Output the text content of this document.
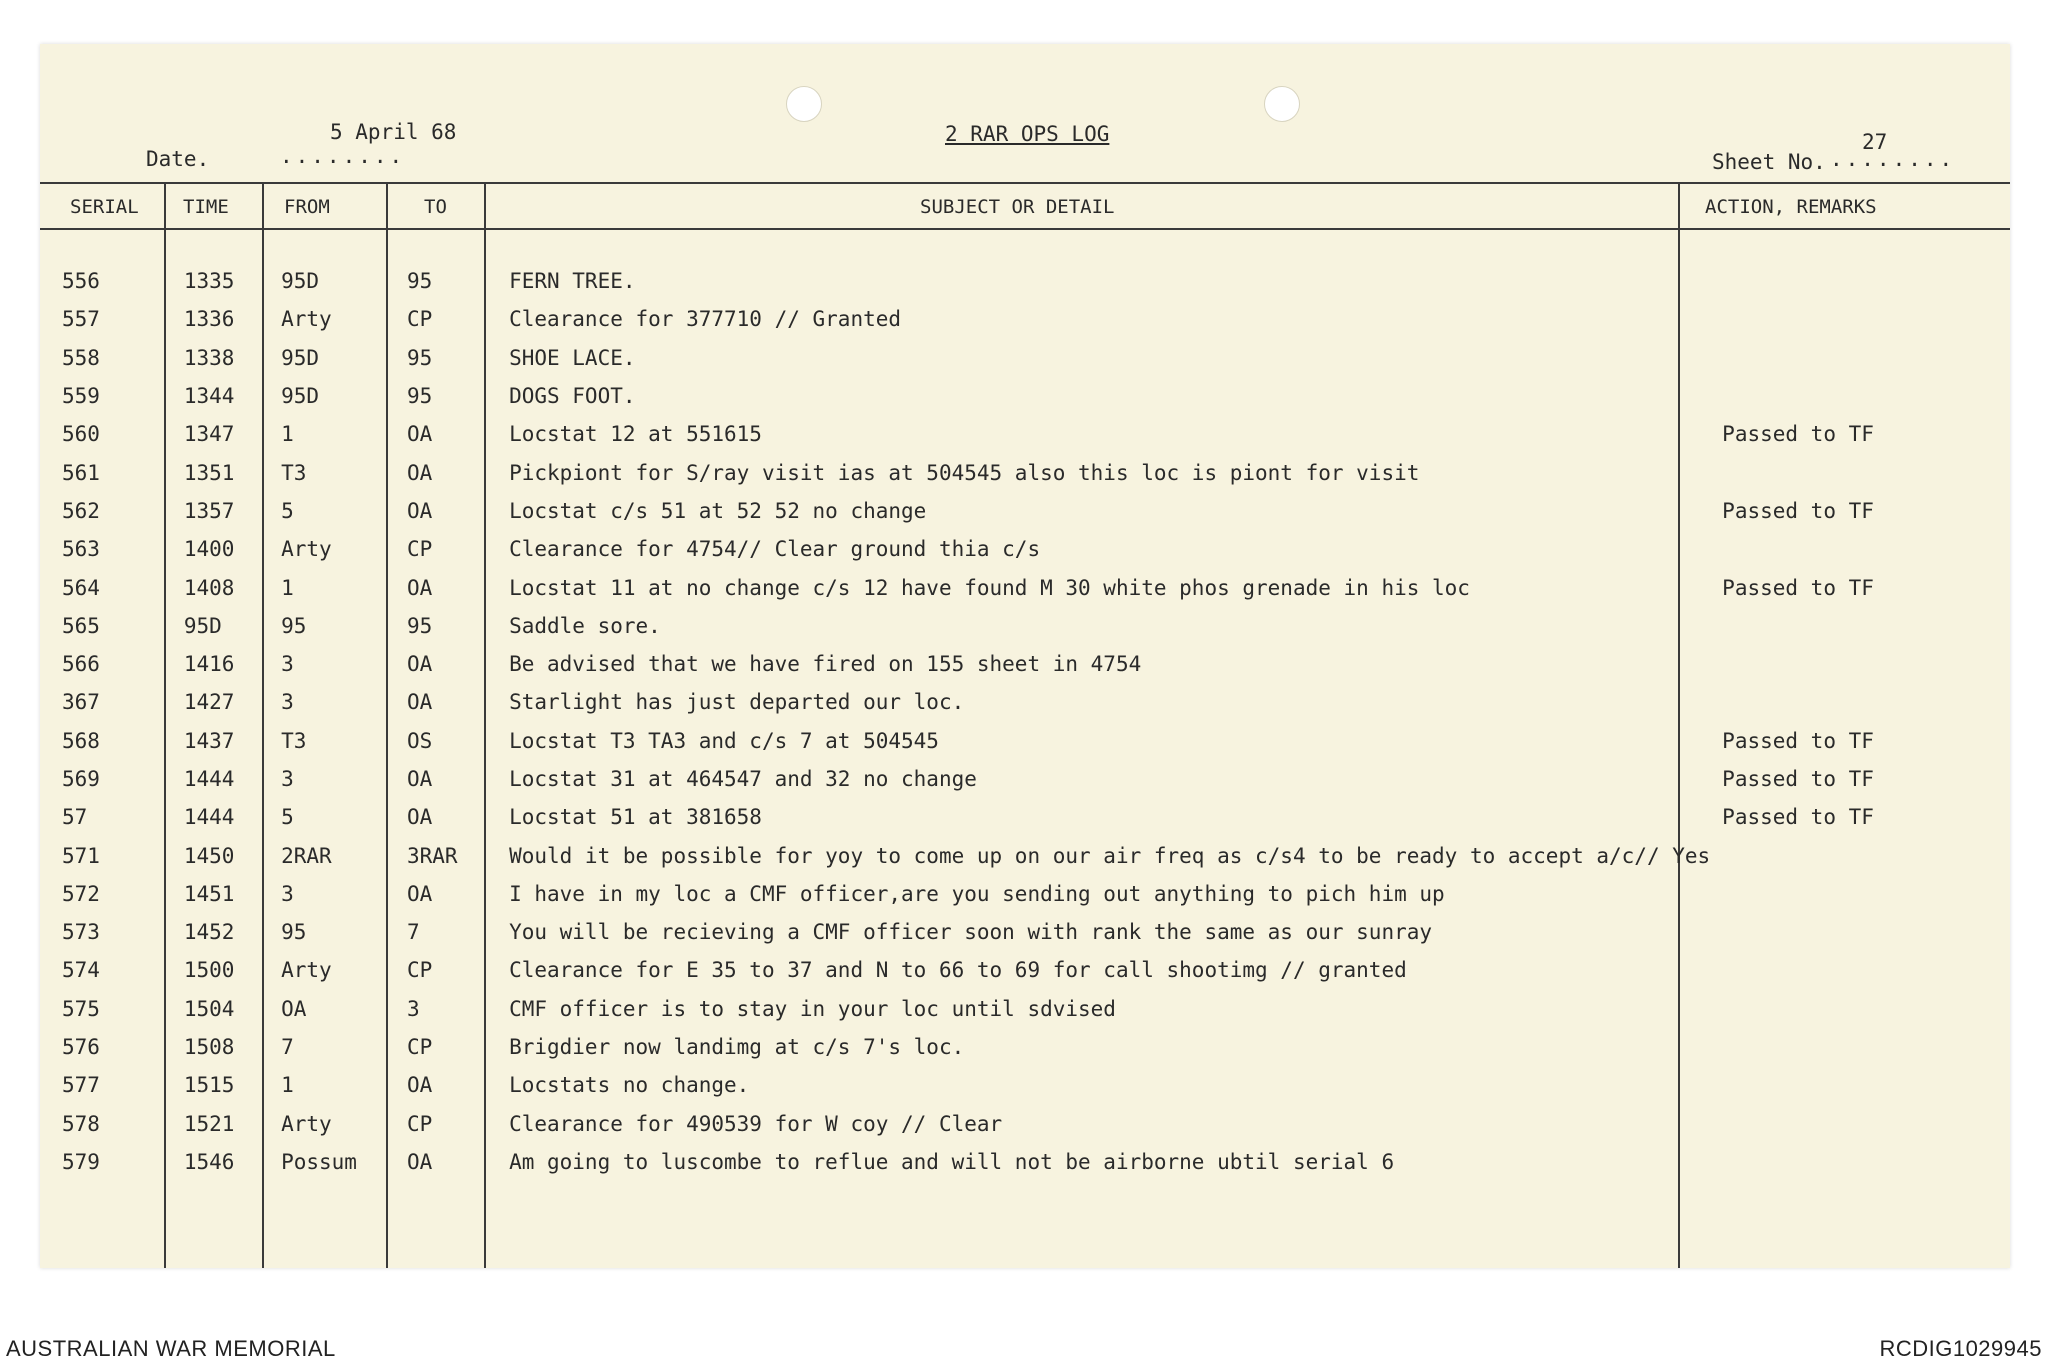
5 April 68
Date.	........
2 RAR OPS LOG
Sheet No. ........
27
SERIAL TIME	FROM	TO	SUBJECT OR DETAIL	ACTION, REMARKS
556	1335	95D	95	FERN TREE.	
557	1336	Arty	CP	Clearance for 377710 // Granted	
558	1338	95D	95	SHOE LACE.	
559	1344	95D	95	DOGS FOOT.	
560	1347	1	OA	Locstat 12 at 551615	Passed to TF
561	1351	T3	OA	Pickpiont for S/ray visit ias at 504545 also this loc is piont for visit	
562	1357	5	OA	Locstat c/s 51 at 52 52 no change	Passed to TF
563	1400	Arty	CP	Clearance for 4754// Clear ground thia c/s	
564	1408	1	OA	Locstat 11 at no change c/s 12 have found M 30 white phos grenade in his loc	Passed to TF
565	95D	95	95	Saddle sore.	
566	1416	3	OA	Be advised that we have fired on 155 sheet in 4754	
367	1427	3	OA	Starlight has just departed our loc.	
568	1437	T3	OS	Locstat T3 TA3 and c/s 7 at 504545	Passed to TF
569	1444	3	OA	Locstat 31 at 464547 and 32 no change	Passed to TF
57	1444	5	OA	Locstat 51 at 381658	Passed to TF
571	1450	2RAR	3RAR	Would it be possible for yoy to come up on our air freq as c/s4 to be ready to accept a/c// Yes	
572	1451	3	OA	I have in my loc a CMF officer,are you sending out anything to pich him up	
573	1452	95	7	You will be recieving a CMF officer soon with rank the same as our sunray	
574	1500	Arty	CP	Clearance for E 35 to 37 and N to 66 to 69 for call shootimg // granted	
575	1504	OA	3	CMF officer is to stay in your loc until sdvised	
576	1508	7	CP	Brigdier now landimg at c/s 7's loc.	
577	1515	1	OA	Locstats no change.	
578	1521	Arty	CP	Clearance for 490539 for W coy // Clear	
579	1546	Possum	OA	Am going to luscombe to reflue and will not be airborne ubtil serial 6	
AUSTRALIAN WAR MEMORIAL	RCDIG1029945
